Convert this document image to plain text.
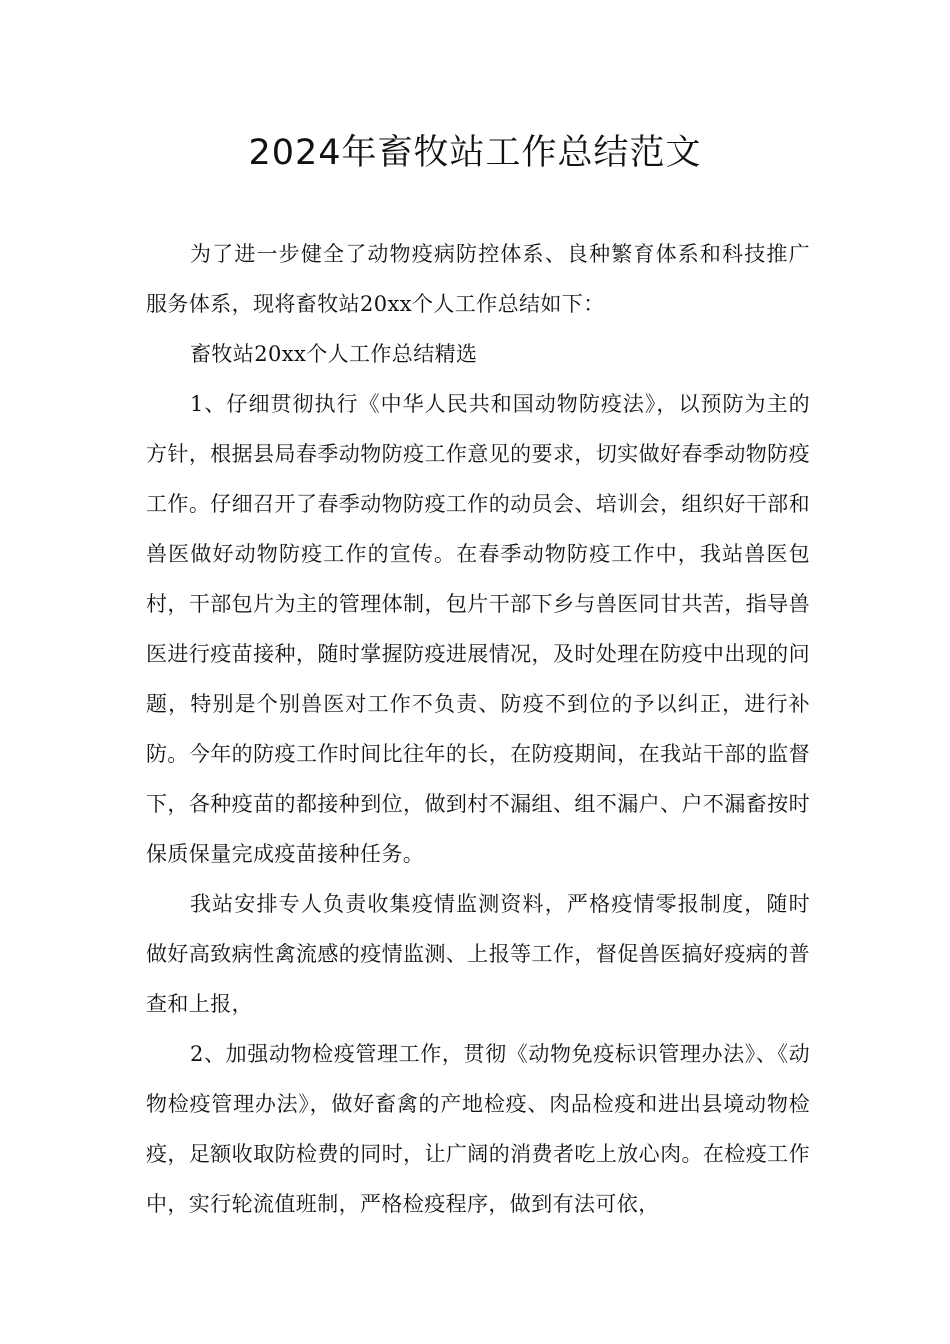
2024年畜牧站工作总结范文

为了进一步健全了动物疫病防控体系、良种繁育体系和科技推广服务体系，现将畜牧站20xx个人工作总结如下：

畜牧站20xx个人工作总结精选

1、仔细贯彻执行《中华人民共和国动物防疫法》，以预防为主的方针，根据县局春季动物防疫工作意见的要求，切实做好春季动物防疫工作。仔细召开了春季动物防疫工作的动员会、培训会，组织好干部和兽医做好动物防疫工作的宣传。在春季动物防疫工作中，我站兽医包村，干部包片为主的管理体制，包片干部下乡与兽医同甘共苦，指导兽医进行疫苗接种，随时掌握防疫进展情况，及时处理在防疫中出现的问题，特别是个别兽医对工作不负责、防疫不到位的予以纠正，进行补防。今年的防疫工作时间比往年的长，在防疫期间，在我站干部的监督下，各种疫苗的都接种到位，做到村不漏组、组不漏户、户不漏畜按时保质保量完成疫苗接种任务。

我站安排专人负责收集疫情监测资料，严格疫情零报制度，随时做好高致病性禽流感的疫情监测、上报等工作，督促兽医搞好疫病的普查和上报，

2、加强动物检疫管理工作，贯彻《动物免疫标识管理办法》、《动物检疫管理办法》，做好畜禽的产地检疫、肉品检疫和进出县境动物检疫，足额收取防检费的同时，让广阔的消费者吃上放心肉。在检疫工作中，实行轮流值班制，严格检疫程序，做到有法可依，
